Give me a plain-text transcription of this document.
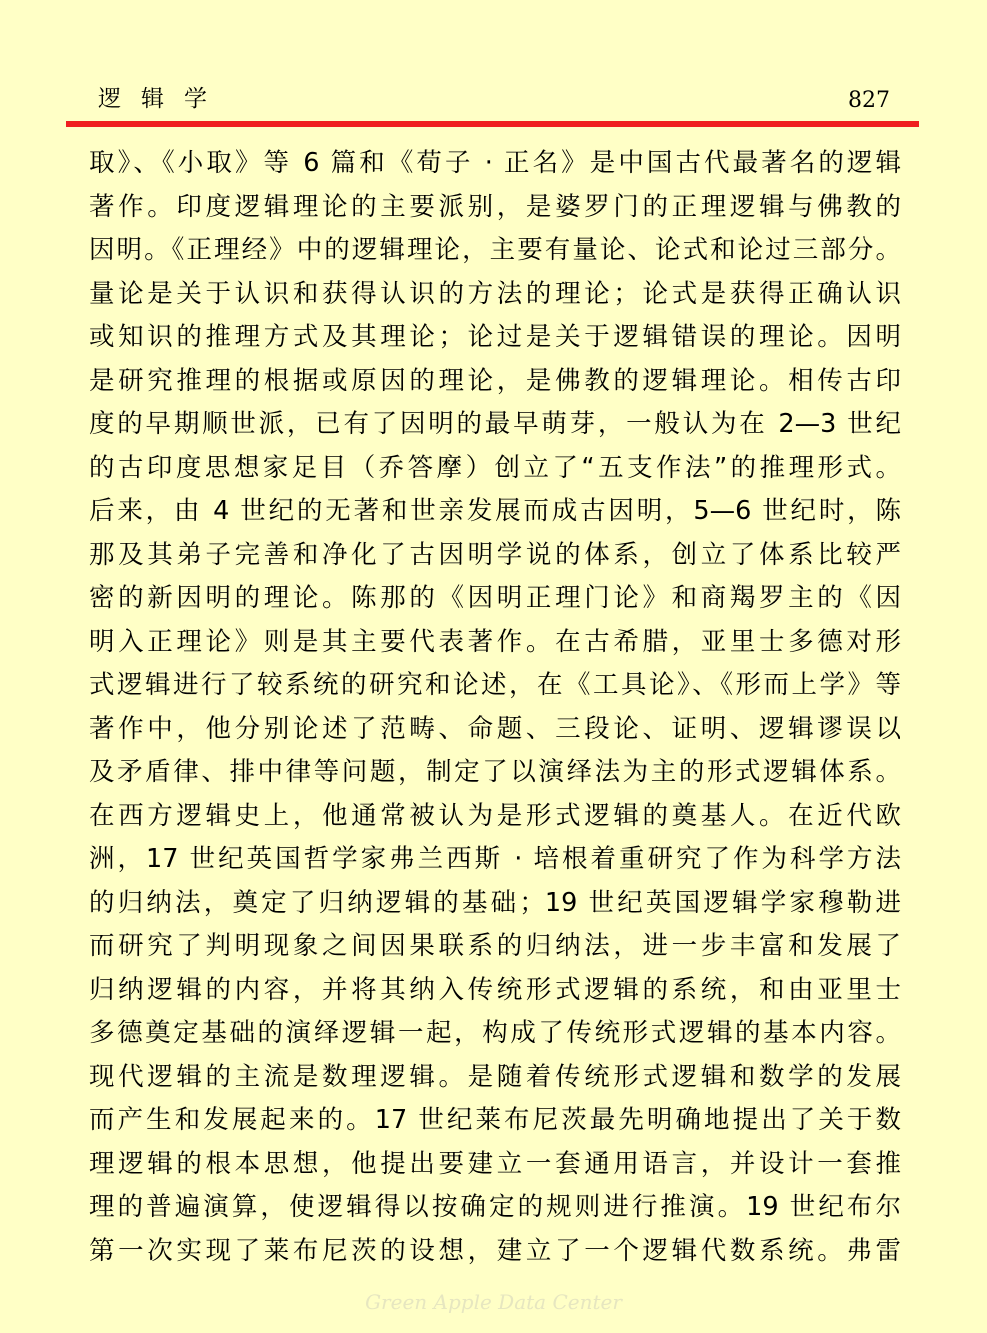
逻辑学	827
取》、《小取》等 6 篇和《荀子 · 正名》是中国古代最著名的逻辑
著作。印度逻辑理论的主要派别，是婆罗门的正理逻辑与佛教的
因明。《正理经》中的逻辑理论，主要有量论、论式和论过三部分。
量论是关于认识和获得认识的方法的理论；论式是获得正确认识
或知识的推理方式及其理论；论过是关于逻辑错误的理论。因明
是研究推理的根据或原因的理论，是佛教的逻辑理论。相传古印
度的早期顺世派，已有了因明的最早萌芽，一般认为在 2—3 世纪
的古印度思想家足目（乔答摩）创立了“五支作法”的推理形式。
后来，由 4 世纪的无著和世亲发展而成古因明，5—6 世纪时，陈
那及其弟子完善和净化了古因明学说的体系，创立了体系比较严
密的新因明的理论。陈那的《因明正理门论》和商羯罗主的《因
明入正理论》则是其主要代表著作。在古希腊，亚里士多德对形
式逻辑进行了较系统的研究和论述，在《工具论》、《形而上学》等
著作中，他分别论述了范畴、命题、三段论、证明、逻辑谬误以
及矛盾律、排中律等问题，制定了以演绎法为主的形式逻辑体系。
在西方逻辑史上，他通常被认为是形式逻辑的奠基人。在近代欧
洲，17 世纪英国哲学家弗兰西斯 · 培根着重研究了作为科学方法
的归纳法，奠定了归纳逻辑的基础；19 世纪英国逻辑学家穆勒进
而研究了判明现象之间因果联系的归纳法，进一步丰富和发展了
归纳逻辑的内容，并将其纳入传统形式逻辑的系统，和由亚里士
多德奠定基础的演绎逻辑一起，构成了传统形式逻辑的基本内容。
现代逻辑的主流是数理逻辑。是随着传统形式逻辑和数学的发展
而产生和发展起来的。17 世纪莱布尼茨最先明确地提出了关于数
理逻辑的根本思想，他提出要建立一套通用语言，并设计一套推
理的普遍演算，使逻辑得以按确定的规则进行推演。19 世纪布尔
第一次实现了莱布尼茨的设想，建立了一个逻辑代数系统。弗雷
Green Apple Data Center
